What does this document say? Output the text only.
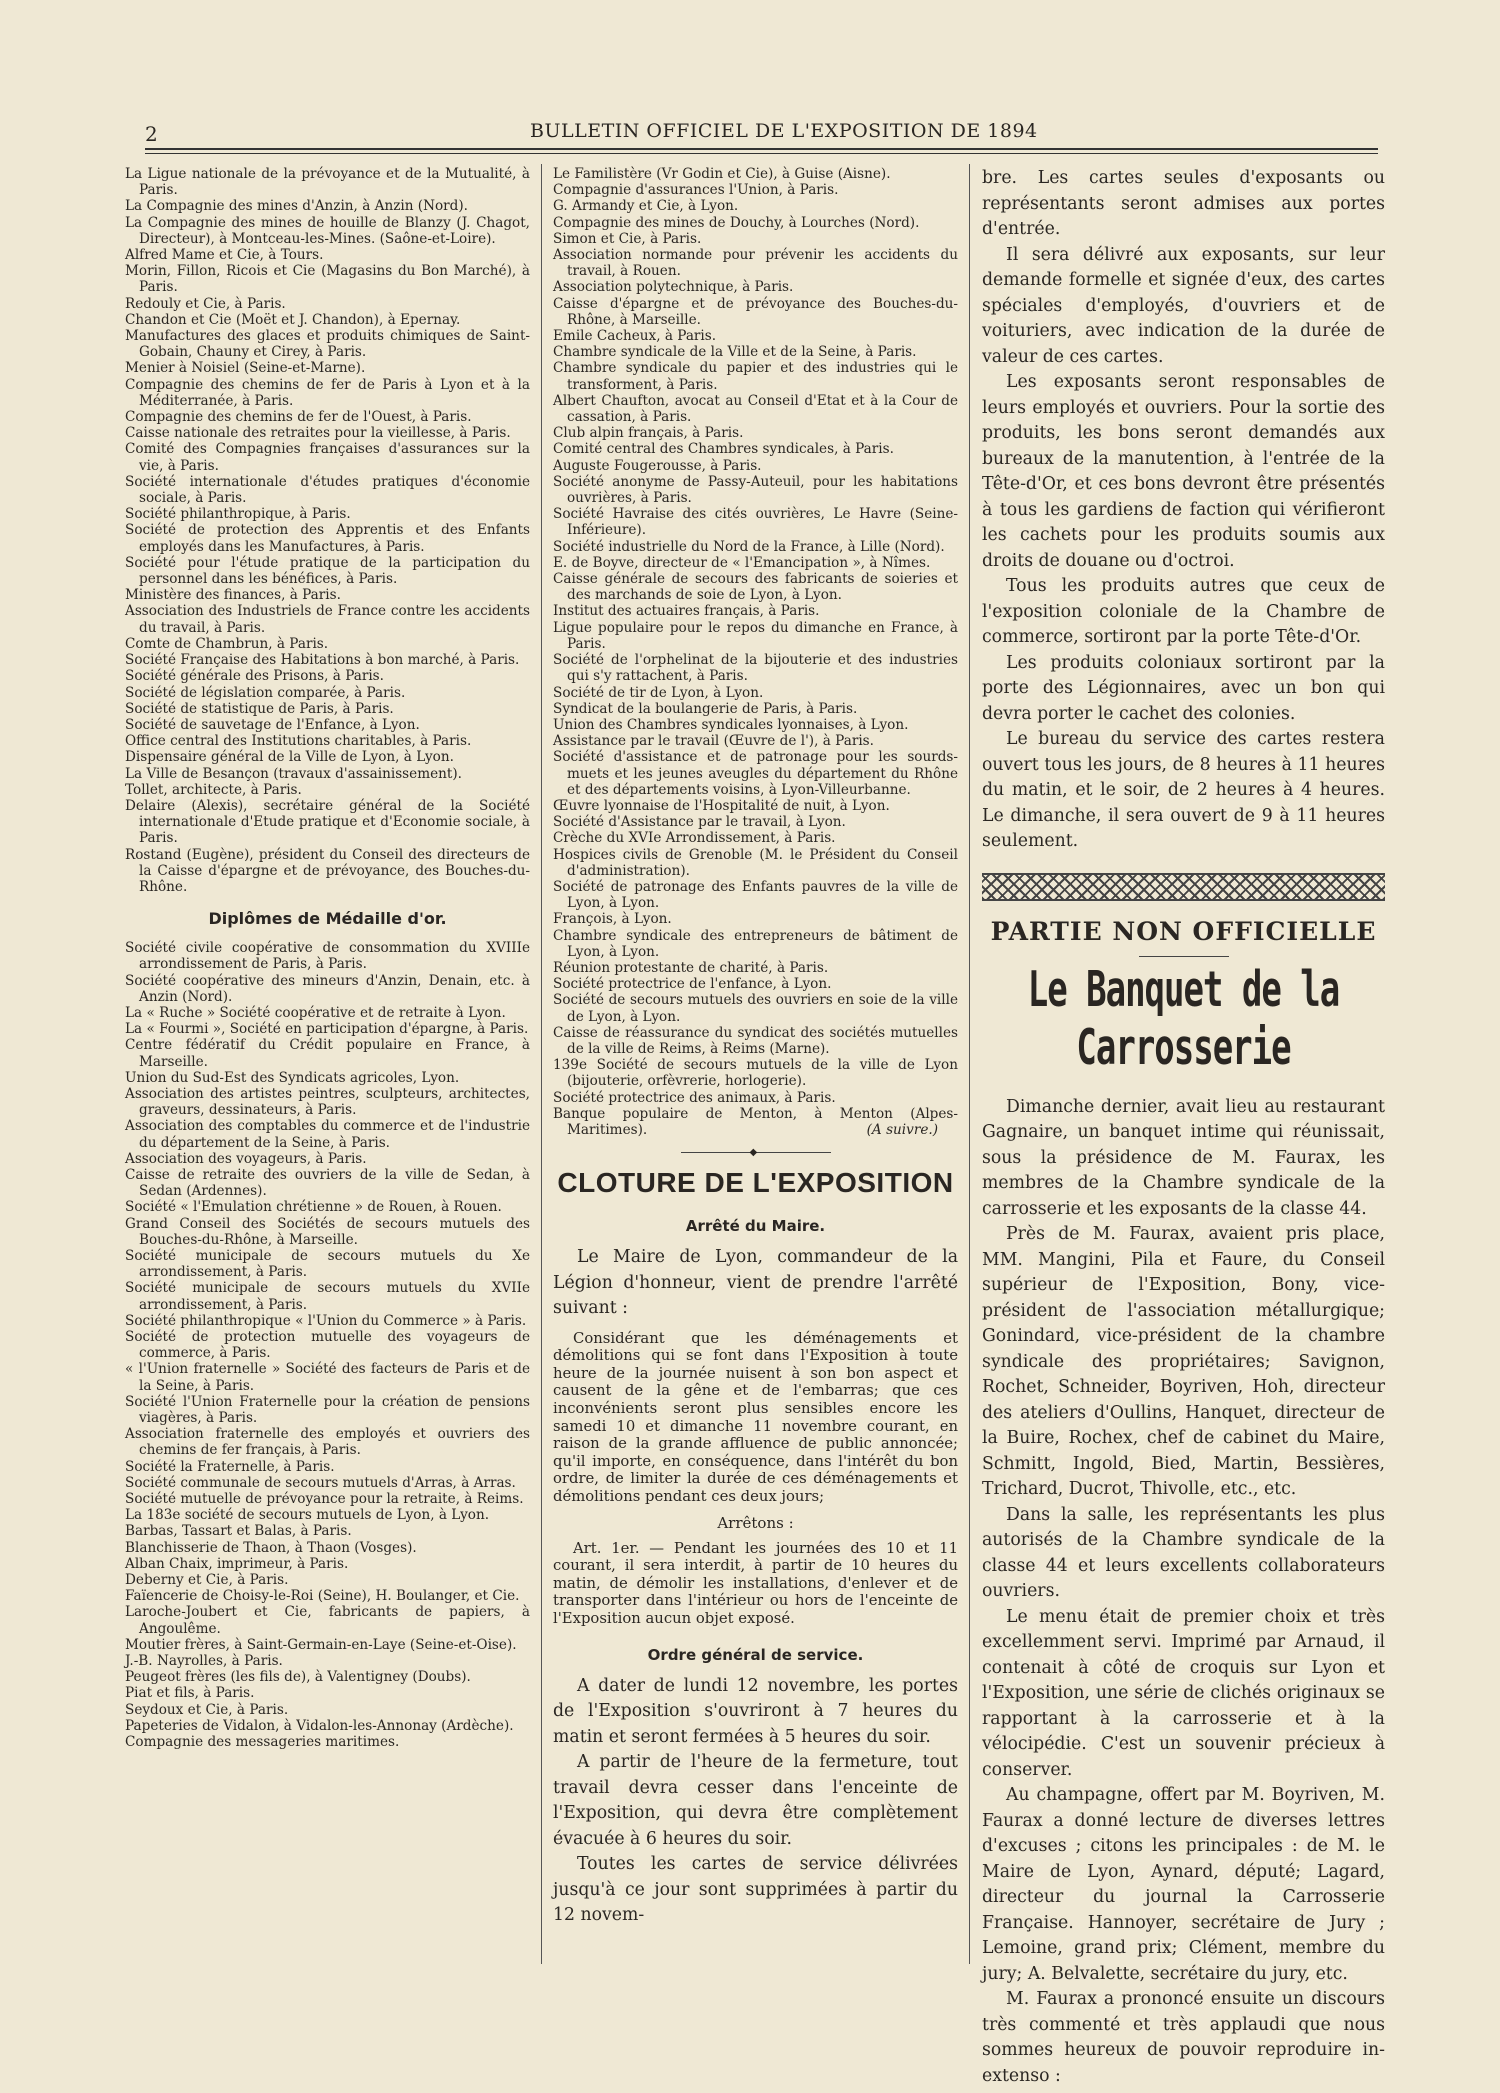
2	BULLETIN OFFICIEL DE L'EXPOSITION DE 1894
La Ligue nationale de la prévoyance et de la Mutualité, à Paris.
La Compagnie des mines d'Anzin, à Anzin (Nord).
La Compagnie des mines de houille de Blanzy (J. Chagot, Directeur), à Montceau-les-Mines. (Saône-et-Loire).
Alfred Mame et Cie, à Tours.
Morin, Fillon, Ricois et Cie (Magasins du Bon Marché), à Paris.
Redouly et Cie, à Paris.
Chandon et Cie (Moët et J. Chandon), à Epernay.
Manufactures des glaces et produits chimiques de Saint-Gobain, Chauny et Cirey, à Paris.
Menier à Noisiel (Seine-et-Marne).
Compagnie des chemins de fer de Paris à Lyon et à la Méditerranée, à Paris.
Compagnie des chemins de fer de l'Ouest, à Paris.
Caisse nationale des retraites pour la vieillesse, à Paris.
Comité des Compagnies françaises d'assurances sur la vie, à Paris.
Société internationale d'études pratiques d'économie sociale, à Paris.
Société philanthropique, à Paris.
Société de protection des Apprentis et des Enfants employés dans les Manufactures, à Paris.
Société pour l'étude pratique de la participation du personnel dans les bénéfices, à Paris.
Ministère des finances, à Paris.
Association des Industriels de France contre les accidents du travail, à Paris.
Comte de Chambrun, à Paris.
Société Française des Habitations à bon marché, à Paris.
Société générale des Prisons, à Paris.
Société de législation comparée, à Paris.
Société de statistique de Paris, à Paris.
Société de sauvetage de l'Enfance, à Lyon.
Office central des Institutions charitables, à Paris.
Dispensaire général de la Ville de Lyon, à Lyon.
La Ville de Besançon (travaux d'assainissement).
Tollet, architecte, à Paris.
Delaire (Alexis), secrétaire général de la Société internationale d'Etude pratique et d'Economie sociale, à Paris.
Rostand (Eugène), président du Conseil des directeurs de la Caisse d'épargne et de prévoyance, des Bouches-du-Rhône.
Diplômes de Médaille d'or.
Société civile coopérative de consommation du XVIIIe arrondissement de Paris, à Paris.
Société coopérative des mineurs d'Anzin, Denain, etc. à Anzin (Nord).
La « Ruche » Société coopérative et de retraite à Lyon.
La « Fourmi », Société en participation d'épargne, à Paris.
Centre fédératif du Crédit populaire en France, à Marseille.
Union du Sud-Est des Syndicats agricoles, Lyon.
Association des artistes peintres, sculpteurs, architectes, graveurs, dessinateurs, à Paris.
Association des comptables du commerce et de l'industrie du département de la Seine, à Paris.
Association des voyageurs, à Paris.
Caisse de retraite des ouvriers de la ville de Sedan, à Sedan (Ardennes).
Société « l'Emulation chrétienne » de Rouen, à Rouen.
Grand Conseil des Sociétés de secours mutuels des Bouches-du-Rhône, à Marseille.
Société municipale de secours mutuels du Xe arrondissement, à Paris.
Société municipale de secours mutuels du XVIIe arrondissement, à Paris.
Société philanthropique « l'Union du Commerce » à Paris.
Société de protection mutuelle des voyageurs de commerce, à Paris.
« l'Union fraternelle » Société des facteurs de Paris et de la Seine, à Paris.
Société l'Union Fraternelle pour la création de pensions viagères, à Paris.
Association fraternelle des employés et ouvriers des chemins de fer français, à Paris.
Société la Fraternelle, à Paris.
Société communale de secours mutuels d'Arras, à Arras.
Société mutuelle de prévoyance pour la retraite, à Reims.
La 183e société de secours mutuels de Lyon, à Lyon.
Barbas, Tassart et Balas, à Paris.
Blanchisserie de Thaon, à Thaon (Vosges).
Alban Chaix, imprimeur, à Paris.
Deberny et Cie, à Paris.
Faïencerie de Choisy-le-Roi (Seine), H. Boulanger, et Cie.
Laroche-Joubert et Cie, fabricants de papiers, à Angoulême.
Moutier frères, à Saint-Germain-en-Laye (Seine-et-Oise).
J.-B. Nayrolles, à Paris.
Peugeot frères (les fils de), à Valentigney (Doubs).
Piat et fils, à Paris.
Seydoux et Cie, à Paris.
Papeteries de Vidalon, à Vidalon-les-Annonay (Ardèche).
Compagnie des messageries maritimes.
Le Familistère (Vr Godin et Cie), à Guise (Aisne).
Compagnie d'assurances l'Union, à Paris.
G. Armandy et Cie, à Lyon.
Compagnie des mines de Douchy, à Lourches (Nord).
Simon et Cie, à Paris.
Association normande pour prévenir les accidents du travail, à Rouen.
Association polytechnique, à Paris.
Caisse d'épargne et de prévoyance des Bouches-du-Rhône, à Marseille.
Emile Cacheux, à Paris.
Chambre syndicale de la Ville et de la Seine, à Paris.
Chambre syndicale du papier et des industries qui le transforment, à Paris.
Albert Chaufton, avocat au Conseil d'Etat et à la Cour de cassation, à Paris.
Club alpin français, à Paris.
Comité central des Chambres syndicales, à Paris.
Auguste Fougerousse, à Paris.
Société anonyme de Passy-Auteuil, pour les habitations ouvrières, à Paris.
Société Havraise des cités ouvrières, Le Havre (Seine-Inférieure).
Société industrielle du Nord de la France, à Lille (Nord).
E. de Boyve, directeur de « l'Emancipation », à Nîmes.
Caisse générale de secours des fabricants de soieries et des marchands de soie de Lyon, à Lyon.
Institut des actuaires français, à Paris.
Ligue populaire pour le repos du dimanche en France, à Paris.
Société de l'orphelinat de la bijouterie et des industries qui s'y rattachent, à Paris.
Société de tir de Lyon, à Lyon.
Syndicat de la boulangerie de Paris, à Paris.
Union des Chambres syndicales lyonnaises, à Lyon.
Assistance par le travail (Œuvre de l'), à Paris.
Société d'assistance et de patronage pour les sourds-muets et les jeunes aveugles du département du Rhône et des départements voisins, à Lyon-Villeurbanne.
Œuvre lyonnaise de l'Hospitalité de nuit, à Lyon.
Société d'Assistance par le travail, à Lyon.
Crèche du XVIe Arrondissement, à Paris.
Hospices civils de Grenoble (M. le Président du Conseil d'administration).
Société de patronage des Enfants pauvres de la ville de Lyon, à Lyon.
François, à Lyon.
Chambre syndicale des entrepreneurs de bâtiment de Lyon, à Lyon.
Réunion protestante de charité, à Paris.
Société protectrice de l'enfance, à Lyon.
Société de secours mutuels des ouvriers en soie de la ville de Lyon, à Lyon.
Caisse de réassurance du syndicat des sociétés mutuelles de la ville de Reims, à Reims (Marne).
139e Société de secours mutuels de la ville de Lyon (bijouterie, orfèvrerie, horlogerie).
Société protectrice des animaux, à Paris.
Banque populaire de Menton, à Menton (Alpes-Maritimes).	(A suivre.)
◆
CLOTURE DE L'EXPOSITION
Arrêté du Maire.

Le Maire de Lyon, commandeur de la Légion d'honneur, vient de prendre l'arrêté suivant :

Considérant que les déménagements et démolitions qui se font dans l'Exposition à toute heure de la journée nuisent à son bon aspect et causent de la gêne et de l'embarras; que ces inconvénients seront plus sensibles encore les samedi 10 et dimanche 11 novembre courant, en raison de la grande affluence de public annoncée; qu'il importe, en conséquence, dans l'intérêt du bon ordre, de limiter la durée de ces déménagements et démolitions pendant ces deux jours;

Arrêtons :

Art. 1er. — Pendant les journées des 10 et 11 courant, il sera interdit, à partir de 10 heures du matin, de démolir les installations, d'enlever et de transporter dans l'intérieur ou hors de l'enceinte de l'Exposition aucun objet exposé.

Ordre général de service.

A dater de lundi 12 novembre, les portes de l'Exposition s'ouvriront à 7 heures du matin et seront fermées à 5 heures du soir.

A partir de l'heure de la fermeture, tout travail devra cesser dans l'enceinte de l'Exposition, qui devra être complètement évacuée à 6 heures du soir.

Toutes les cartes de service délivrées jusqu'à ce jour sont supprimées à partir du 12 novem-

bre. Les cartes seules d'exposants ou représentants seront admises aux portes d'entrée.

Il sera délivré aux exposants, sur leur demande formelle et signée d'eux, des cartes spéciales d'employés, d'ouvriers et de voituriers, avec indication de la durée de valeur de ces cartes.

Les exposants seront responsables de leurs employés et ouvriers. Pour la sortie des produits, les bons seront demandés aux bureaux de la manutention, à l'entrée de la Tête-d'Or, et ces bons devront être présentés à tous les gardiens de faction qui vérifieront les cachets pour les produits soumis aux droits de douane ou d'octroi.

Tous les produits autres que ceux de l'exposition coloniale de la Chambre de commerce, sortiront par la porte Tête-d'Or.

Les produits coloniaux sortiront par la porte des Légionnaires, avec un bon qui devra porter le cachet des colonies.

Le bureau du service des cartes restera ouvert tous les jours, de 8 heures à 11 heures du matin, et le soir, de 2 heures à 4 heures. Le dimanche, il sera ouvert de 9 à 11 heures seulement.

PARTIE NON OFFICIELLE
Le Banquet de la Carrosserie

Dimanche dernier, avait lieu au restaurant Gagnaire, un banquet intime qui réunissait, sous la présidence de M. Faurax, les membres de la Chambre syndicale de la carrosserie et les exposants de la classe 44.

Près de M. Faurax, avaient pris place, MM. Mangini, Pila et Faure, du Conseil supérieur de l'Exposition, Bony, vice-président de l'association métallurgique; Gonindard, vice-président de la chambre syndicale des propriétaires; Savignon, Rochet, Schneider, Boyriven, Hoh, directeur des ateliers d'Oullins, Hanquet, directeur de la Buire, Rochex, chef de cabinet du Maire, Schmitt, Ingold, Bied, Martin, Bessières, Trichard, Ducrot, Thivolle, etc., etc.

Dans la salle, les représentants les plus autorisés de la Chambre syndicale de la classe 44 et leurs excellents collaborateurs ouvriers.

Le menu était de premier choix et très excellemment servi. Imprimé par Arnaud, il contenait à côté de croquis sur Lyon et l'Exposition, une série de clichés originaux se rapportant à la carrosserie et à la vélocipédie. C'est un souvenir précieux à conserver.

Au champagne, offert par M. Boyriven, M. Faurax a donné lecture de diverses lettres d'excuses ; citons les principales : de M. le Maire de Lyon, Aynard, député; Lagard, directeur du journal la Carrosserie Française. Hannoyer, secrétaire de Jury ; Lemoine, grand prix; Clément, membre du jury; A. Belvalette, secrétaire du jury, etc.

M. Faurax a prononcé ensuite un discours très commenté et très applaudi que nous sommes heureux de pouvoir reproduire in-extenso :
